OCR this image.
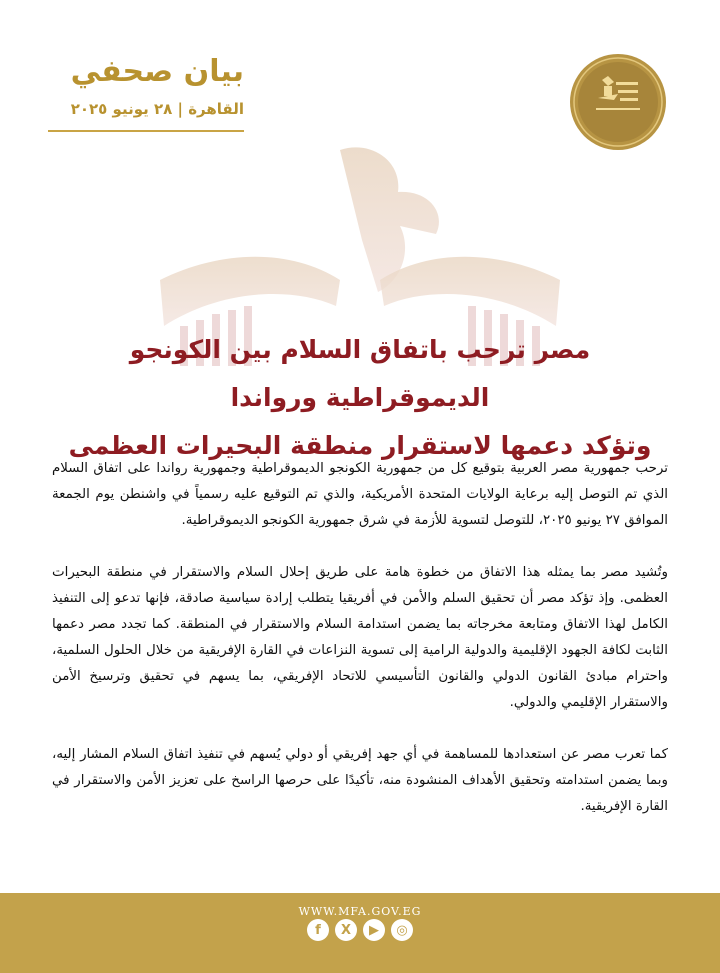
بيان صحفي
القاهرة | ٢٨ يونيو ٢٠٢٥
مصر ترحب باتفاق السلام بين الكونجو الديموقراطية ورواندا
وتؤكد دعمها لاستقرار منطقة البحيرات العظمى

ترحب جمهورية مصر العربية بتوقيع كل من جمهورية الكونجو الديموقراطية وجمهورية رواندا على اتفاق السلام الذي تم التوصل إليه برعاية الولايات المتحدة الأمريكية، والذي تم التوقيع عليه رسمياً في واشنطن يوم الجمعة الموافق ٢٧ يونيو ٢٠٢٥، للتوصل لتسوية للأزمة في شرق جمهورية الكونجو الديموقراطية.

وتُشيد مصر بما يمثله هذا الاتفاق من خطوة هامة على طريق إحلال السلام والاستقرار في منطقة البحيرات العظمى. وإذ تؤكد مصر أن تحقيق السلم والأمن في أفريقيا يتطلب إرادة سياسية صادقة، فإنها تدعو إلى التنفيذ الكامل لهذا الاتفاق ومتابعة مخرجاته بما يضمن استدامة السلام والاستقرار في المنطقة. كما تجدد مصر دعمها الثابت لكافة الجهود الإقليمية والدولية الرامية إلى تسوية النزاعات في القارة الإفريقية من خلال الحلول السلمية، واحترام مبادئ القانون الدولي والقانون التأسيسي للاتحاد الإفريقي، بما يسهم في تحقيق وترسيخ الأمن والاستقرار الإقليمي والدولي.

كما تعرب مصر عن استعدادها للمساهمة في أي جهد إفريقي أو دولي يُسهم في تنفيذ اتفاق السلام المشار إليه، وبما يضمن استدامته وتحقيق الأهداف المنشودة منه، تأكيدًا على حرصها الراسخ على تعزيز الأمن والاستقرار في القارة الإفريقية.

WWW.MFA.GOV.EG
f	X	▶	◎
